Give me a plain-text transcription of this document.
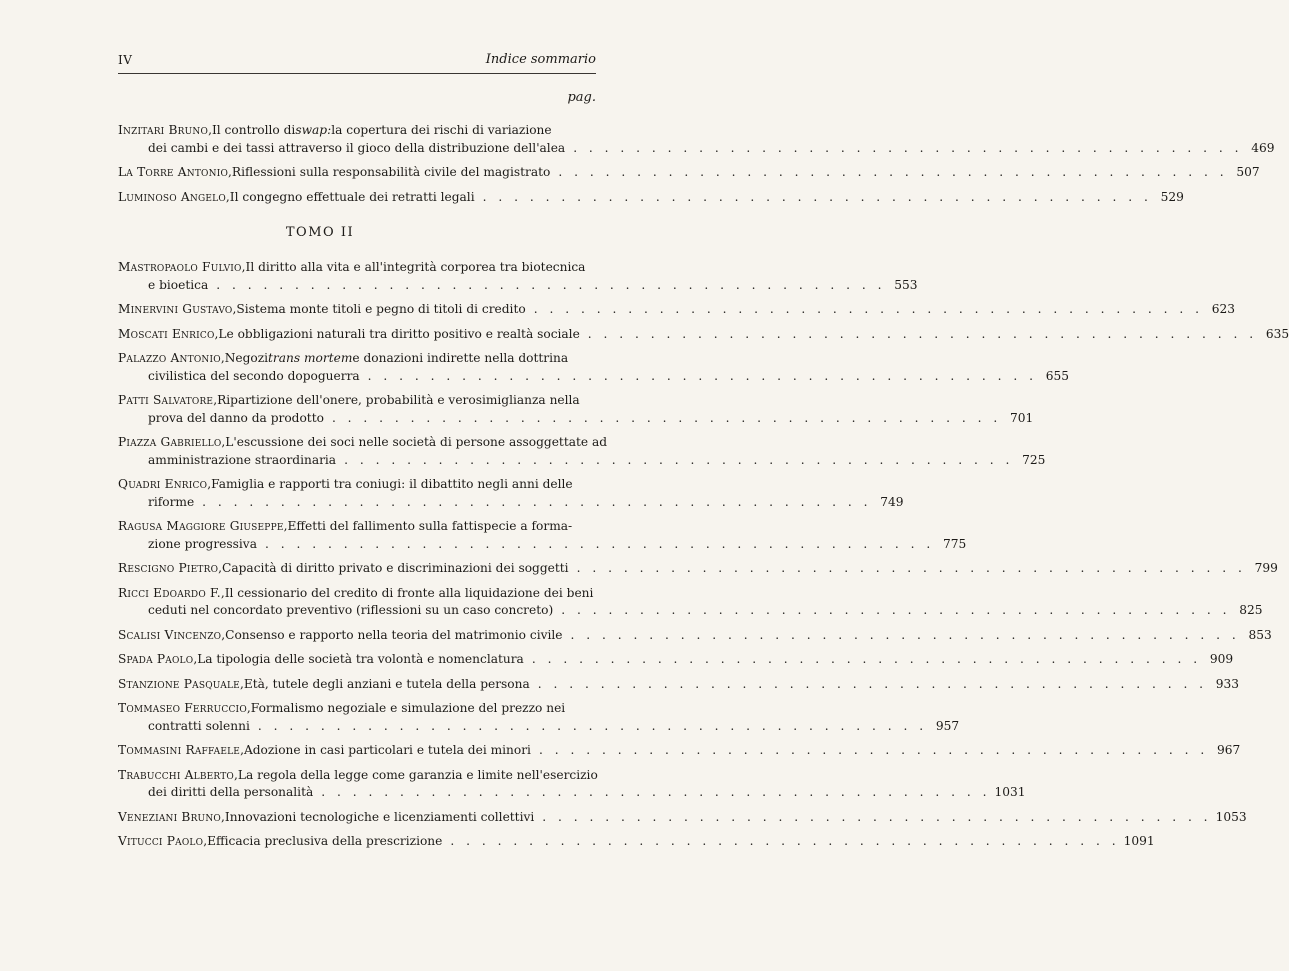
IV	Indice sommario
pag.
Inzitari Bruno , Il controllo di swap: la copertura dei rischi di variazione
dei cambi e dei tassi attraverso il gioco della distribuzione dell'alea . . .	469
La Torre Antonio , Riflessioni sulla responsabilità civile del magistrato . . .	507
Luminoso Angelo , Il congegno effettuale dei retratti legali . . .	529
TOMO II
Mastropaolo Fulvio , Il diritto alla vita e all'integrità corporea tra biotecnica
e bioetica . . .	553
Minervini Gustavo , Sistema monte titoli e pegno di titoli di credito . . .	623
Moscati Enrico , Le obbligazioni naturali tra diritto positivo e realtà sociale . . .	635
Palazzo Antonio , Negozi trans mortem e donazioni indirette nella dottrina
civilistica del secondo dopoguerra . . .	655
Patti Salvatore , Ripartizione dell'onere, probabilità e verosimiglianza nella
prova del danno da prodotto . . .	701
Piazza Gabriello , L'escussione dei soci nelle società di persone assoggettate ad
amministrazione straordinaria . . .	725
Quadri Enrico , Famiglia e rapporti tra coniugi: il dibattito negli anni delle
riforme . . .	749
Ragusa Maggiore Giuseppe , Effetti del fallimento sulla fattispecie a forma-
zione progressiva . . .	775
Rescigno Pietro , Capacità di diritto privato e discriminazioni dei soggetti . . .	799
Ricci Edoardo F. , Il cessionario del credito di fronte alla liquidazione dei beni
ceduti nel concordato preventivo (riflessioni su un caso concreto) . . .	825
Scalisi Vincenzo , Consenso e rapporto nella teoria del matrimonio civile . . .	853
Spada Paolo , La tipologia delle società tra volontà e nomenclatura . . .	909
Stanzione Pasquale , Età, tutele degli anziani e tutela della persona . . .	933
Tommaseo Ferruccio , Formalismo negoziale e simulazione del prezzo nei
contratti solenni . . .	957
Tommasini Raffaele , Adozione in casi particolari e tutela dei minori . . .	967
Trabucchi Alberto , La regola della legge come garanzia e limite nell'esercizio
dei diritti della personalità . . .	1031
Veneziani Bruno , Innovazioni tecnologiche e licenziamenti collettivi . . .	1053
Vitucci Paolo , Efficacia preclusiva della prescrizione . . .	1091
